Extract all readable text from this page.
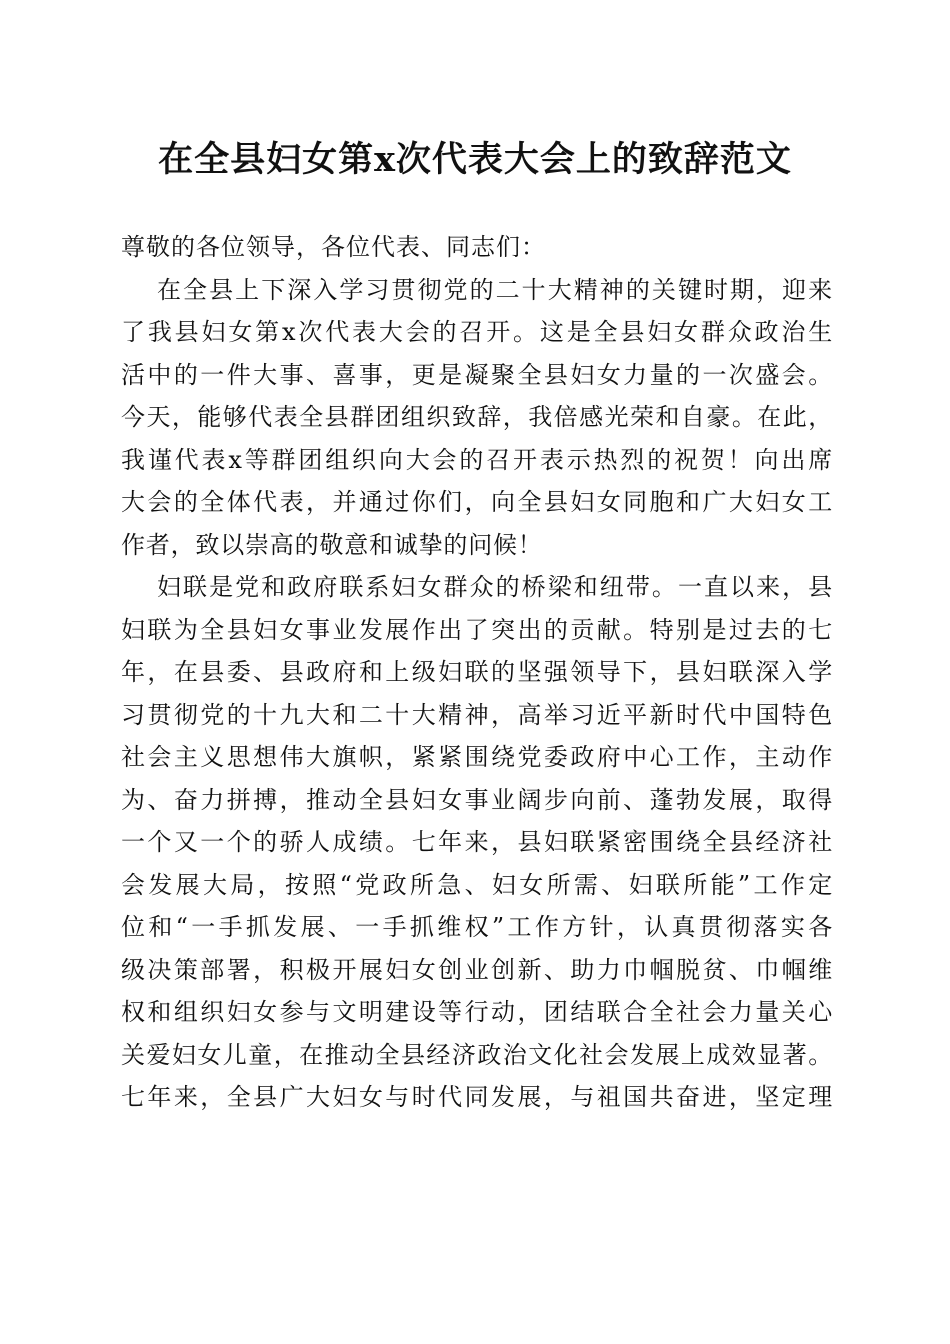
在全县妇女第x次代表大会上的致辞范文
尊敬的各位领导，各位代表、同志们：
在全县上下深入学习贯彻党的二十大精神的关键时期，迎来
了我县妇女第x次代表大会的召开。这是全县妇女群众政治生
活中的一件大事、喜事，更是凝聚全县妇女力量的一次盛会。
今天，能够代表全县群团组织致辞，我倍感光荣和自豪。在此，
我谨代表x等群团组织向大会的召开表示热烈的祝贺！向出席
大会的全体代表，并通过你们，向全县妇女同胞和广大妇女工
作者，致以崇高的敬意和诚挚的问候！
妇联是党和政府联系妇女群众的桥梁和纽带。一直以来，县
妇联为全县妇女事业发展作出了突出的贡献。特别是过去的七
年，在县委、县政府和上级妇联的坚强领导下，县妇联深入学
习贯彻党的十九大和二十大精神，高举习近平新时代中国特色
社会主义思想伟大旗帜，紧紧围绕党委政府中心工作，主动作
为、奋力拼搏，推动全县妇女事业阔步向前、蓬勃发展，取得
一个又一个的骄人成绩。七年来，县妇联紧密围绕全县经济社
会发展大局，按照“党政所急、妇女所需、妇联所能”工作定
位和“一手抓发展、一手抓维权”工作方针，认真贯彻落实各
级决策部署，积极开展妇女创业创新、助力巾帼脱贫、巾帼维
权和组织妇女参与文明建设等行动，团结联合全社会力量关心
关爱妇女儿童，在推动全县经济政治文化社会发展上成效显著。
七年来，全县广大妇女与时代同发展，与祖国共奋进，坚定理
